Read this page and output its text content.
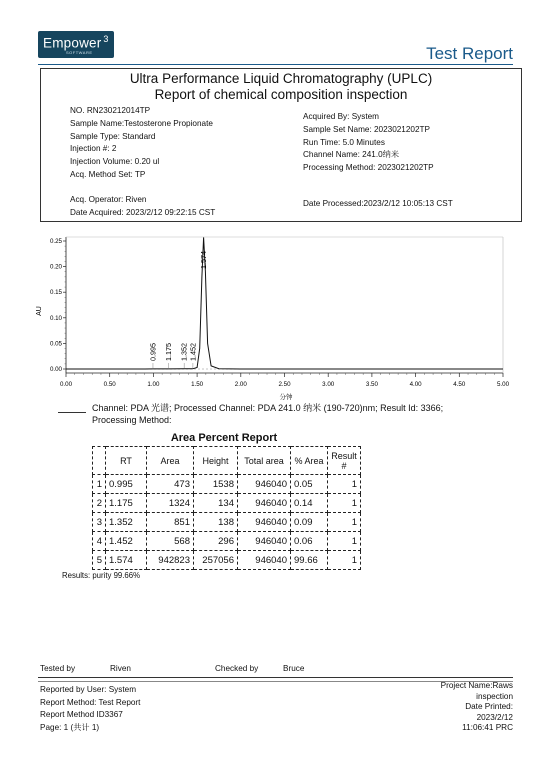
Empower $^3$
SOFTWARE	Test Report
Ultra Performance Liquid Chromatography (UPLC)
Report of chemical composition inspection
NO. RN230212014TP
Sample Name:Testosterone Propionate
Sample Type: Standard
Injection #: 2
Injection Volume: 0.20 ul
Acq. Method Set: TP
Acquired By: System
Sample Set Name: 2023021202TP
Run Time: 5.0 Minutes
Channel Name: 241.0纳米
Processing Method: 2023021202TP
Acq. Operator: Riven
Date Acquired: 2023/2/12 09:22:15 CST
Date Processed:2023/2/12 10:05:13 CST
0.00
0.05
0.10
0.15
0.20
0.25
0.00	0.50	1.00	1.50	2.00	2.50	3.00	3.50	4.00	4.50	5.00
0.995 1.175 1.352 1.452
1.574
AU
分钟
Channel: PDA 光谱; Processed Channel: PDA 241.0 纳米 (190-720)nm; Result Id: 3366;
Processing Method:
Area Percent Report
	RT	Area	Height	Total area	% Area	Result #
1	0.995	473	1538	946040	0.05	1
2	1.175	1324	134	946040	0.14	1
3	1.352	851	138	946040	0.09	1
4	1.452	568	296	946040	0.06	1
5	1.574	942823	257056	946040	99.66	1
Results: purity 99.66%
Tested by	Riven	Checked by	Bruce
Reported by User: System
Report Method: Test Report
Report Method ID3367
Page: 1 (共计 1)
Project Name:Raws
inspection
Date Printed:
2023/2/12
11:06:41 PRC
